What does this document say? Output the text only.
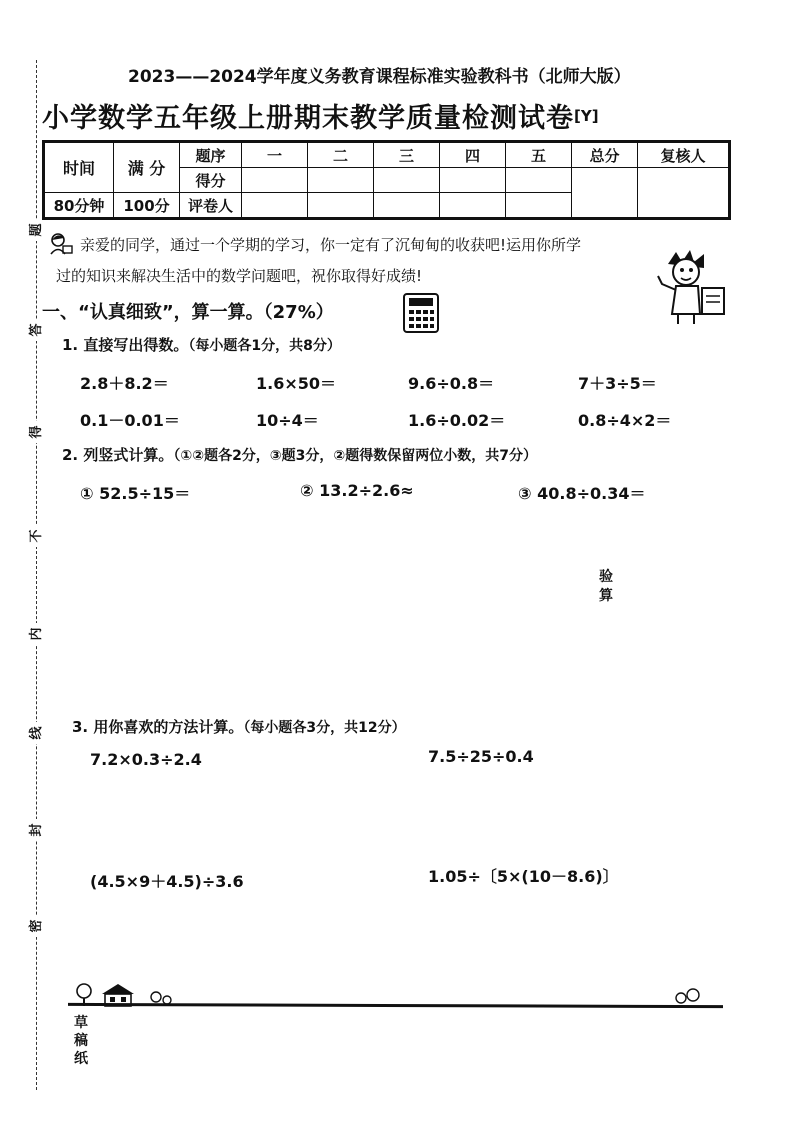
题
答
得
不
内
线
封
密
2023——2024学年度义务教育课程标准实验教科书（北师大版）
小学数学五年级上册期末教学质量检测试卷[Y]
时间	满 分	题序	一	二	三	四	五	总分	复核人
		得分							
80分钟	100分	评卷人							
亲爱的同学，通过一个学期的学习，你一定有了沉甸甸的收获吧!运用你所学
过的知识来解决生活中的数学问题吧，祝你取得好成绩!
一、“认真细致”，算一算。（27%）
1. 直接写出得数。（每小题各1分，共8分）
2.8＋8.2＝	1.6×50＝	9.6÷0.8＝	7＋3÷5＝
0.1－0.01＝	10÷4＝	1.6÷0.02＝	0.8÷4×2＝
2. 列竖式计算。（①②题各2分，③题3分，②题得数保留两位小数，共7分）
① 52.5÷15＝	② 13.2÷2.6≈	③ 40.8÷0.34＝
验算
3. 用你喜欢的方法计算。（每小题各3分，共12分）
7.2×0.3÷2.4	7.5÷25÷0.4
(4.5×9＋4.5)÷3.6	1.05÷〔5×(10－8.6)〕
草稿纸
